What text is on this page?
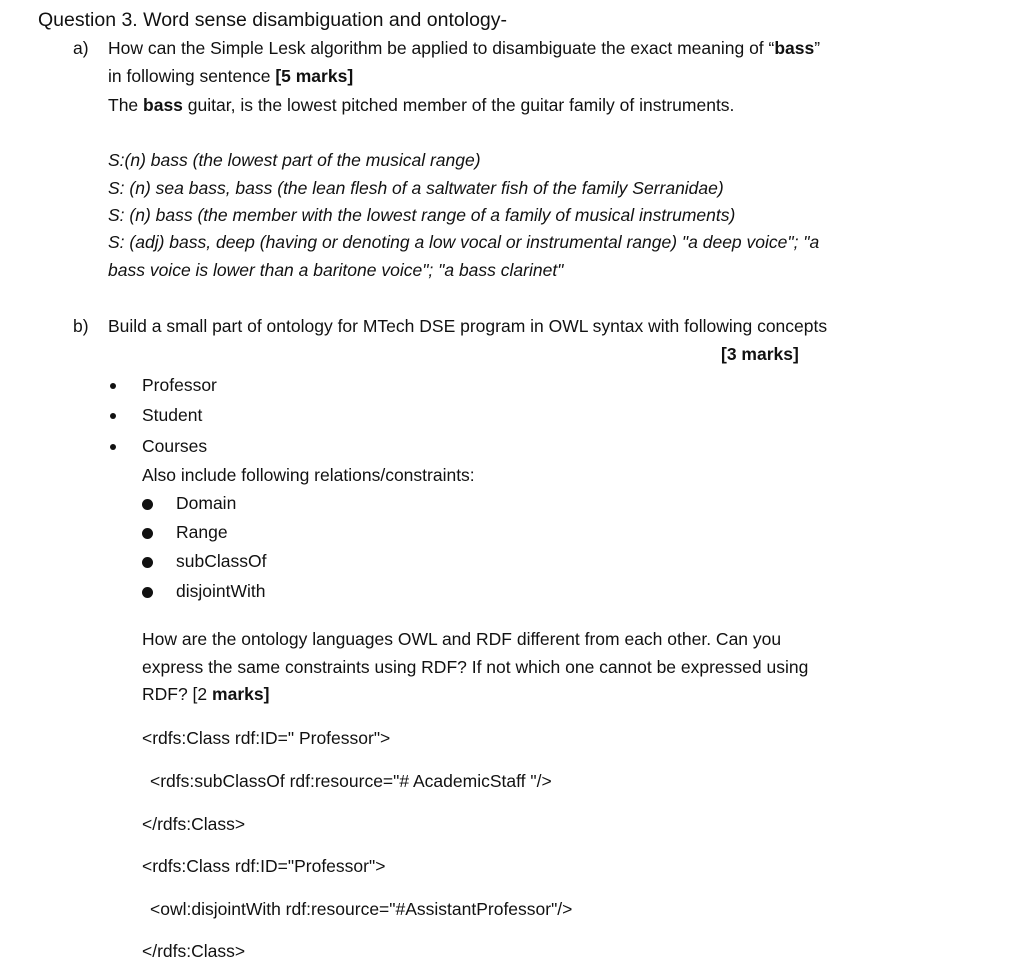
Question 3. Word sense disambiguation and ontology-
a) How can the Simple Lesk algorithm be applied to disambiguate the exact meaning of “bass”
in following sentence [5 marks]
The bass guitar, is the lowest pitched member of the guitar family of instruments.
S:(n) bass (the lowest part of the musical range)
S: (n) sea bass, bass (the lean flesh of a saltwater fish of the family Serranidae)
S: (n) bass (the member with the lowest range of a family of musical instruments)
S: (adj) bass, deep (having or denoting a low vocal or instrumental range) "a deep voice"; "a
bass voice is lower than a baritone voice"; "a bass clarinet"
b) Build a small part of ontology for MTech DSE program in OWL syntax with following concepts
[3 marks]
Professor
Student
Courses
Also include following relations/constraints:
Domain
Range
subClassOf
disjointWith
How are the ontology languages OWL and RDF different from each other. Can you
express the same constraints using RDF? If not which one cannot be expressed using
RDF? [2 marks]
<rdfs:Class rdf:ID=" Professor">
<rdfs:subClassOf rdf:resource="# AcademicStaff "/>
</rdfs:Class>
<rdfs:Class rdf:ID="Professor">
<owl:disjointWith rdf:resource="#AssistantProfessor"/>
</rdfs:Class>
